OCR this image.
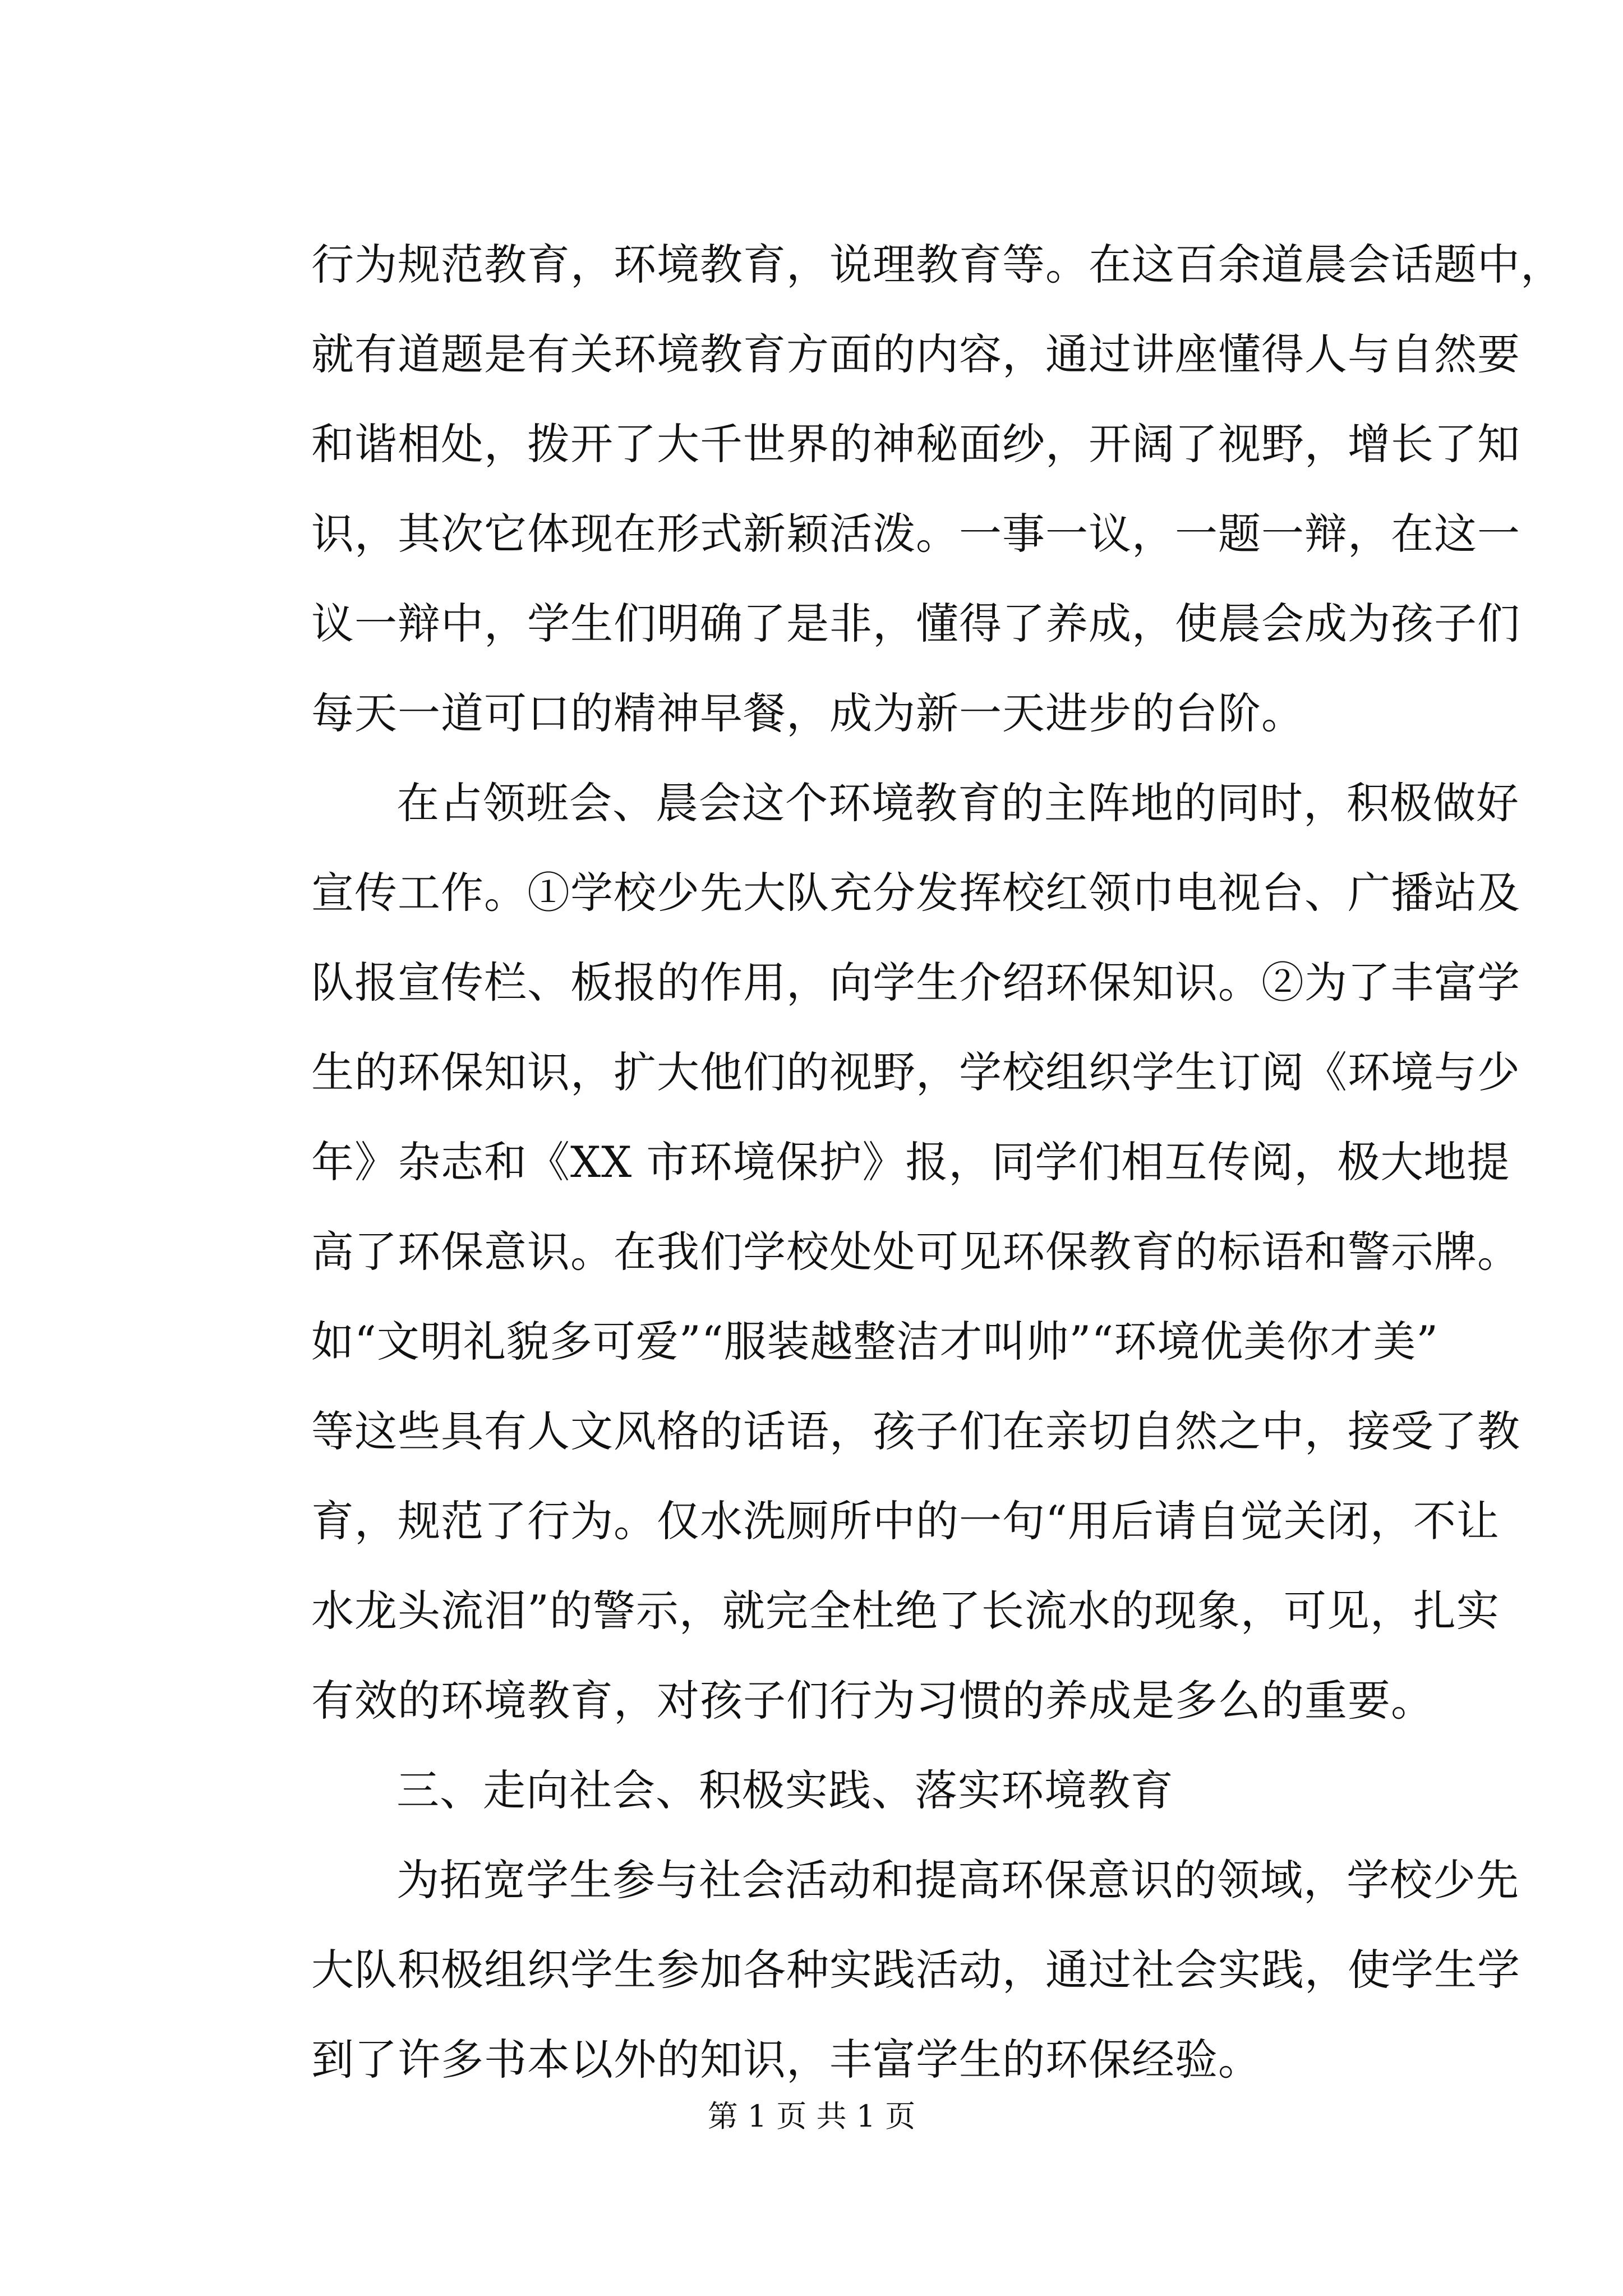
行为规范教育，环境教育，说理教育等。在这百余道晨会话题中，
就有道题是有关环境教育方面的内容，通过讲座懂得人与自然要
和谐相处，拨开了大千世界的神秘面纱，开阔了视野，增长了知
识，其次它体现在形式新颖活泼。一事一议，一题一辩，在这一
议一辩中，学生们明确了是非，懂得了养成，使晨会成为孩子们
每天一道可口的精神早餐，成为新一天进步的台阶。
在占领班会、晨会这个环境教育的主阵地的同时，积极做好
宣传工作。①学校少先大队充分发挥校红领巾电视台、广播站及
队报宣传栏、板报的作用，向学生介绍环保知识。②为了丰富学
生的环保知识，扩大他们的视野，学校组织学生订阅《环境与少
年》杂志和《XX 市环境保护》报，同学们相互传阅，极大地提
高了环保意识。在我们学校处处可见环保教育的标语和警示牌。
如“文明礼貌多可爱”“服装越整洁才叫帅”“环境优美你才美”
等这些具有人文风格的话语，孩子们在亲切自然之中，接受了教
育，规范了行为。仅水洗厕所中的一句“用后请自觉关闭，不让
水龙头流泪”的警示，就完全杜绝了长流水的现象，可见，扎实
有效的环境教育，对孩子们行为习惯的养成是多么的重要。
三、走向社会、积极实践、落实环境教育
为拓宽学生参与社会活动和提高环保意识的领域，学校少先
大队积极组织学生参加各种实践活动，通过社会实践，使学生学
到了许多书本以外的知识，丰富学生的环保经验。
第 1 页 共 1 页
